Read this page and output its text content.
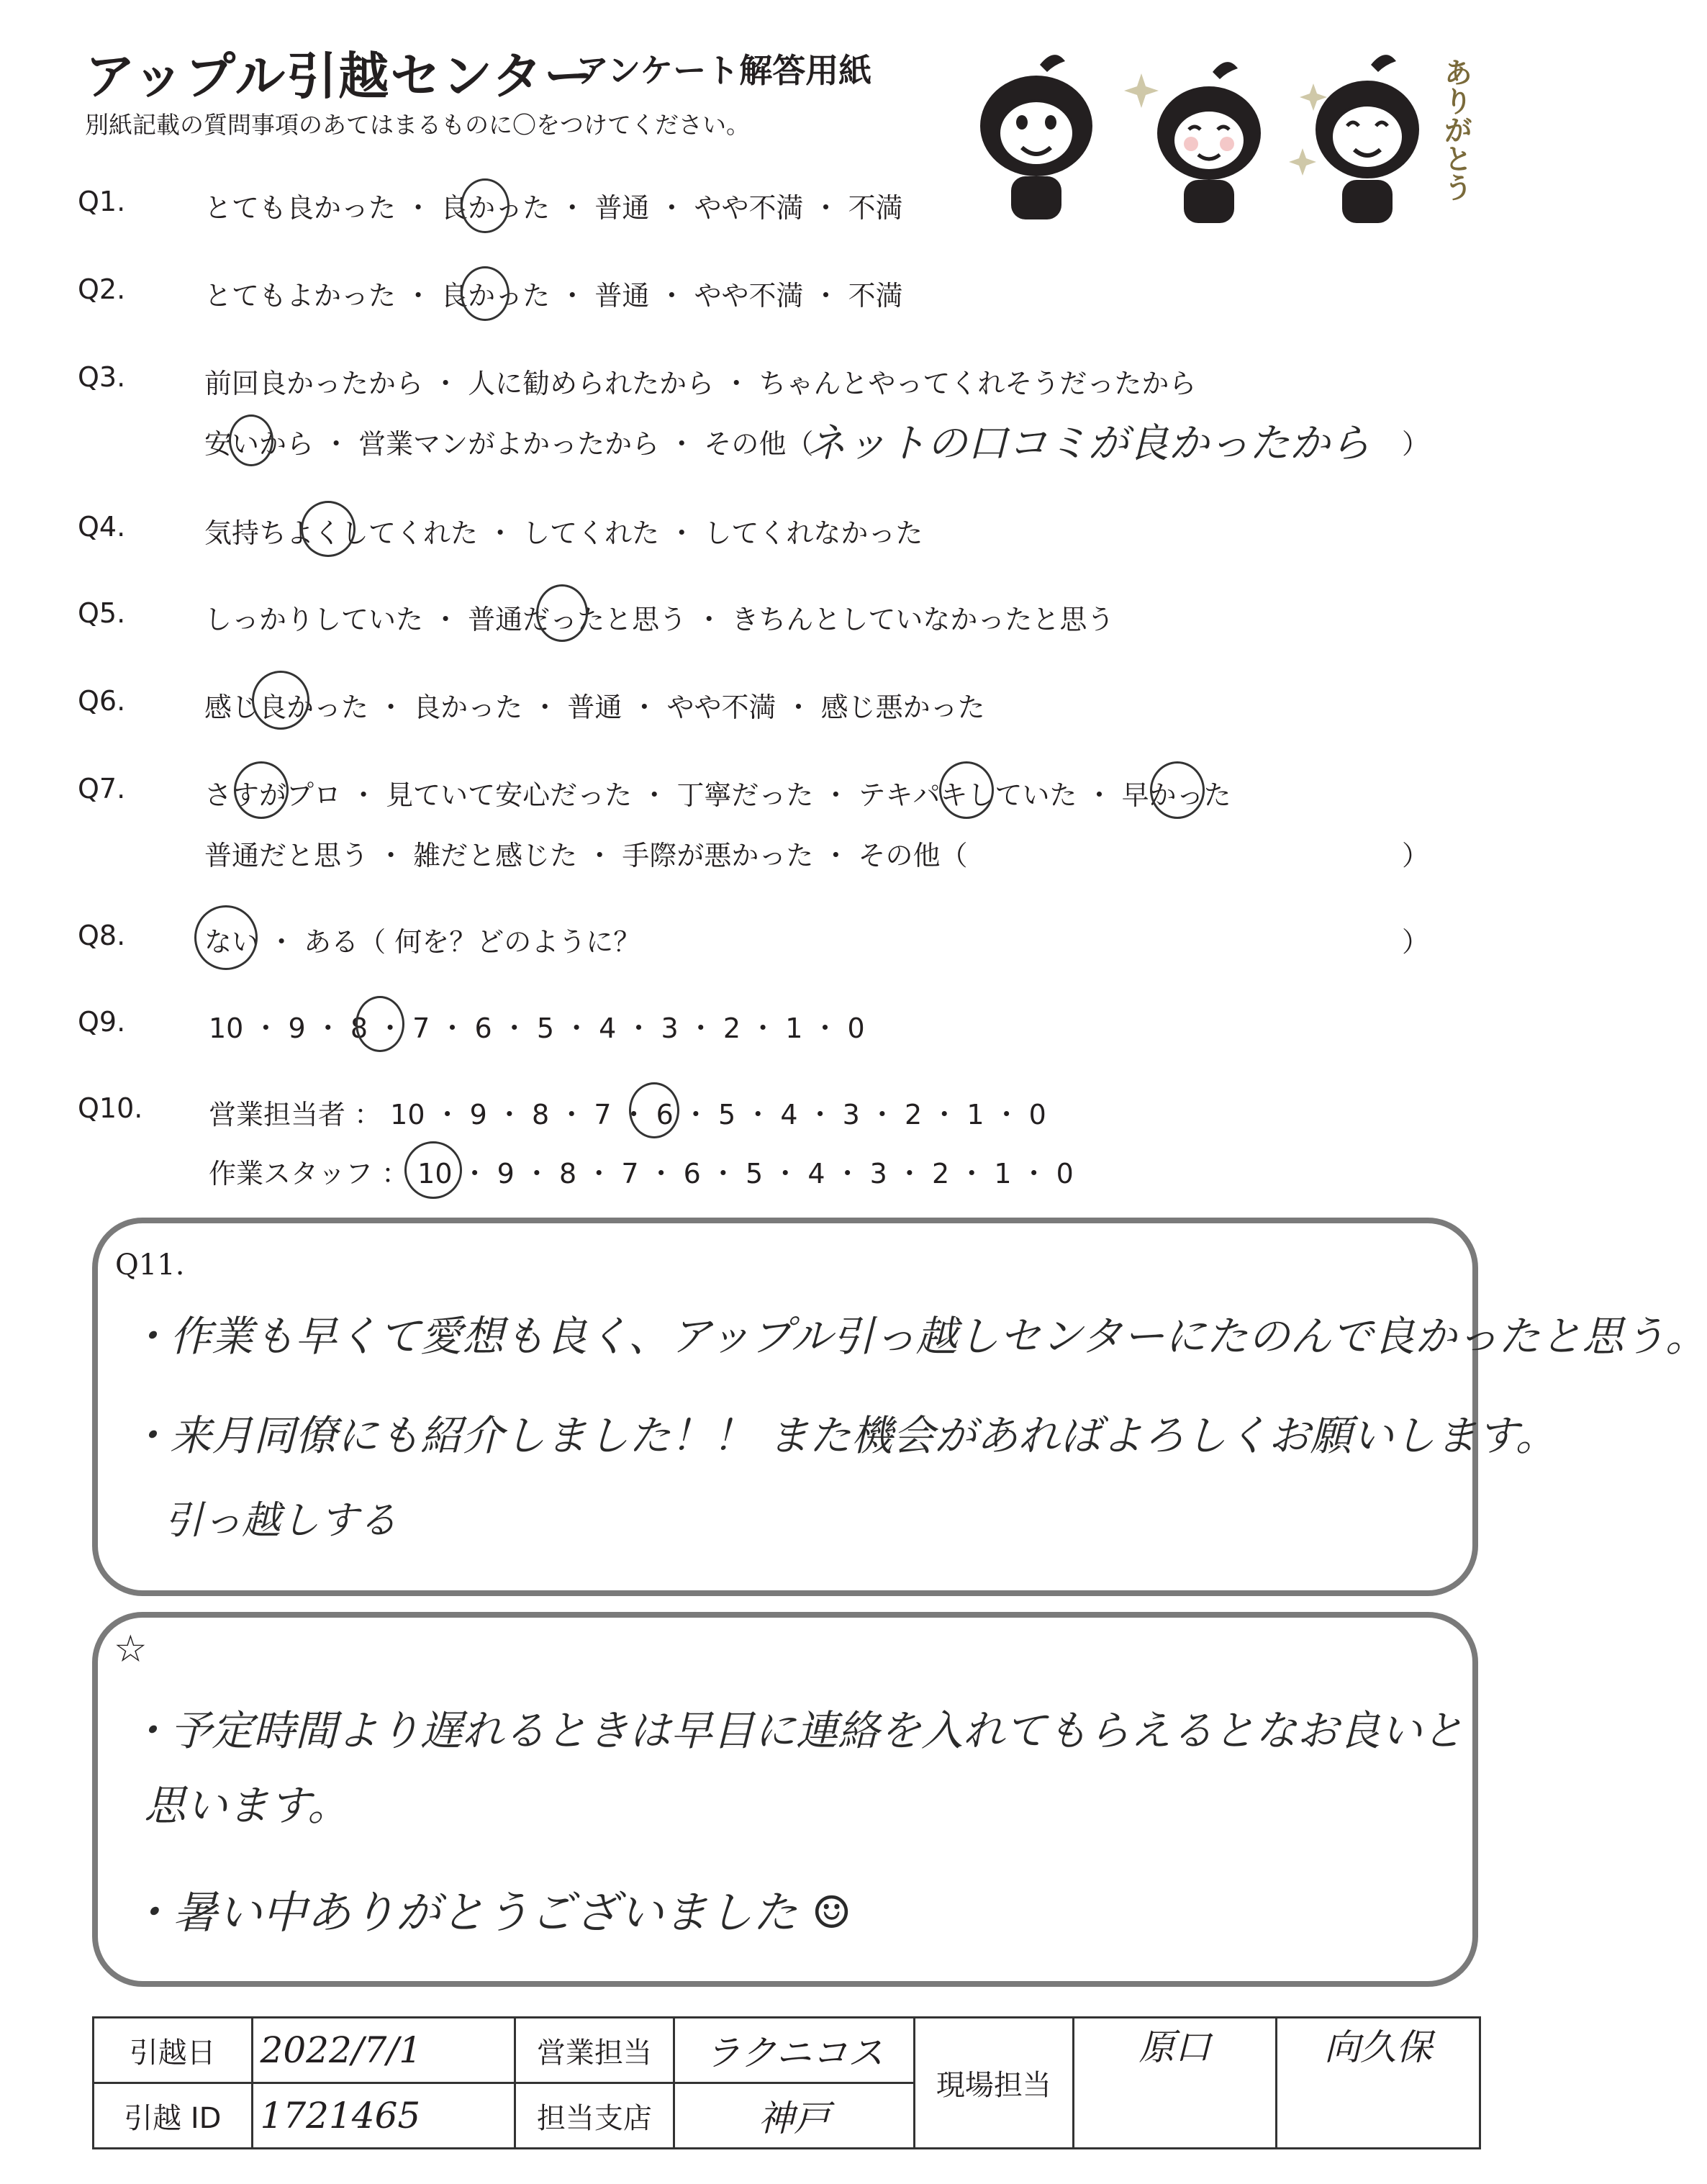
アップル引越センター
アンケート解答用紙
別紙記載の質問事項のあてはまるものに〇をつけてください。	ありがとう
Q1.	とても良かった ・ 良かった ・ 普通 ・ やや不満 ・ 不満
Q2.	とてもよかった ・ 良かった ・ 普通 ・ やや不満 ・ 不満
Q3.	前回良かったから ・ 人に勧められたから ・ ちゃんとやってくれそうだったから
安いから ・ 営業マンがよかったから ・ その他（	）
ネットの口コミが良かったから
Q4.	気持ちよくしてくれた ・ してくれた ・ してくれなかった
Q5.	しっかりしていた ・ 普通だったと思う ・ きちんとしていなかったと思う
Q6.	感じ良かった ・ 良かった ・ 普通 ・ やや不満 ・ 感じ悪かった
Q7.	さすがプロ ・ 見ていて安心だった ・ 丁寧だった ・ テキパキしていた ・ 早かった
普通だと思う ・ 雑だと感じた ・ 手際が悪かった ・ その他（	）
Q8.	ない ・ ある（ 何を？どのように？	）
Q9.	10 ・ 9 ・ 8 ・ 7 ・ 6 ・ 5 ・ 4 ・ 3 ・ 2 ・ 1 ・ 0
Q10.	営業担当者 ： 10 ・ 9 ・ 8 ・ 7 ・ 6 ・ 5 ・ 4 ・ 3 ・ 2 ・ 1 ・ 0
作業スタッフ ： 10 ・ 9 ・ 8 ・ 7 ・ 6 ・ 5 ・ 4 ・ 3 ・ 2 ・ 1 ・ 0
Q11.
・作業も早くて愛想も良く、アップル引っ越しセンターにたのんで良かったと思う。
・来月同僚にも紹介しました！！ また機会があればよろしくお願いします。
引っ越しする
☆
・予定時間より遅れるときは早目に連絡を入れてもらえるとなお良いと
思います。
・暑い中ありがとうございました ☺
引越日	2022/7/1	営業担当	ラクニコス	現場担当	原口	向久保
引越 ID	1721465	担当支店	神戸			
